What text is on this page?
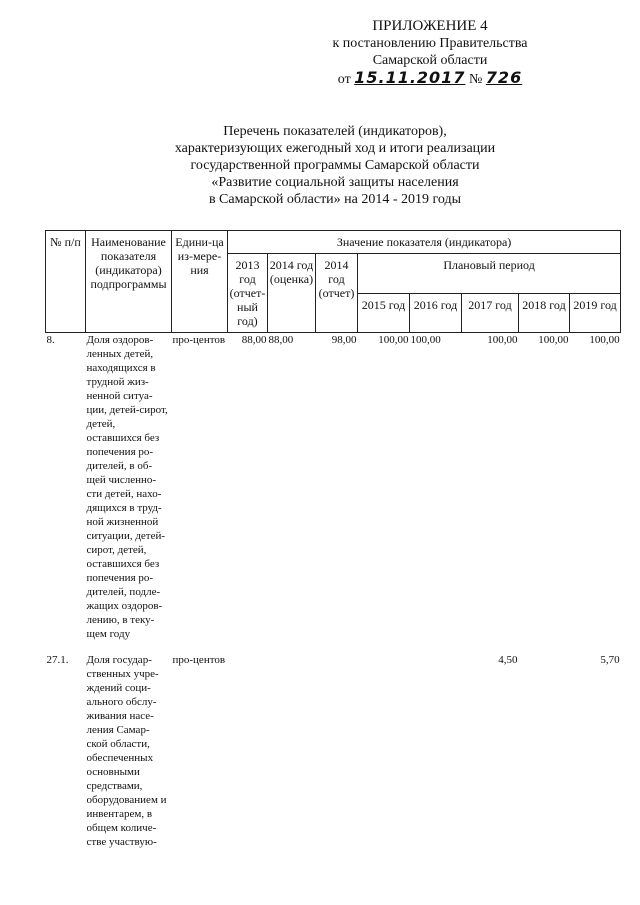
ПРИЛОЖЕНИЕ 4
к постановлению Правительства
Самарской области
от 15.11.2017 № 726
Перечень показателей (индикаторов),
характеризующих ежегодный ход и итоги реализации
государственной программы Самарской области
«Развитие социальной защиты населения
в Самарской области» на 2014 - 2019 годы
№ п/п	Наименование показателя (индикатора) подпрограммы	Едини-ца из-мере-ния	Значение показателя (индикатора)							
			2013 год (отчет-ный год)	2014 год (оценка)	2014 год (отчет)	Плановый период				
						2015 год	2016 год	2017 год	2018 год	2019 год
8.	Доля оздоров-ленных детей, находящихся в трудной жиз-ненной ситуа-ции, детей-сирот, детей, оставшихся без попечения ро-дителей, в об-щей численно-сти детей, нахо-дящихся в труд-ной жизненной ситуации, детей-сирот, детей, оставшихся без попечения ро-дителей, подле-жащих оздоров-лению, в теку-щем году	про-центов	88,00	88,00	98,00	100,00	100,00	100,00	100,00	100,00
27.1.	Доля государ-ственных учре-ждений соци-ального обслу-живания насе-ления Самар-ской области, обеспеченных основными средствами, оборудованием и инвентарем, в общем количе-стве участвую-	про-центов						4,50		5,70
